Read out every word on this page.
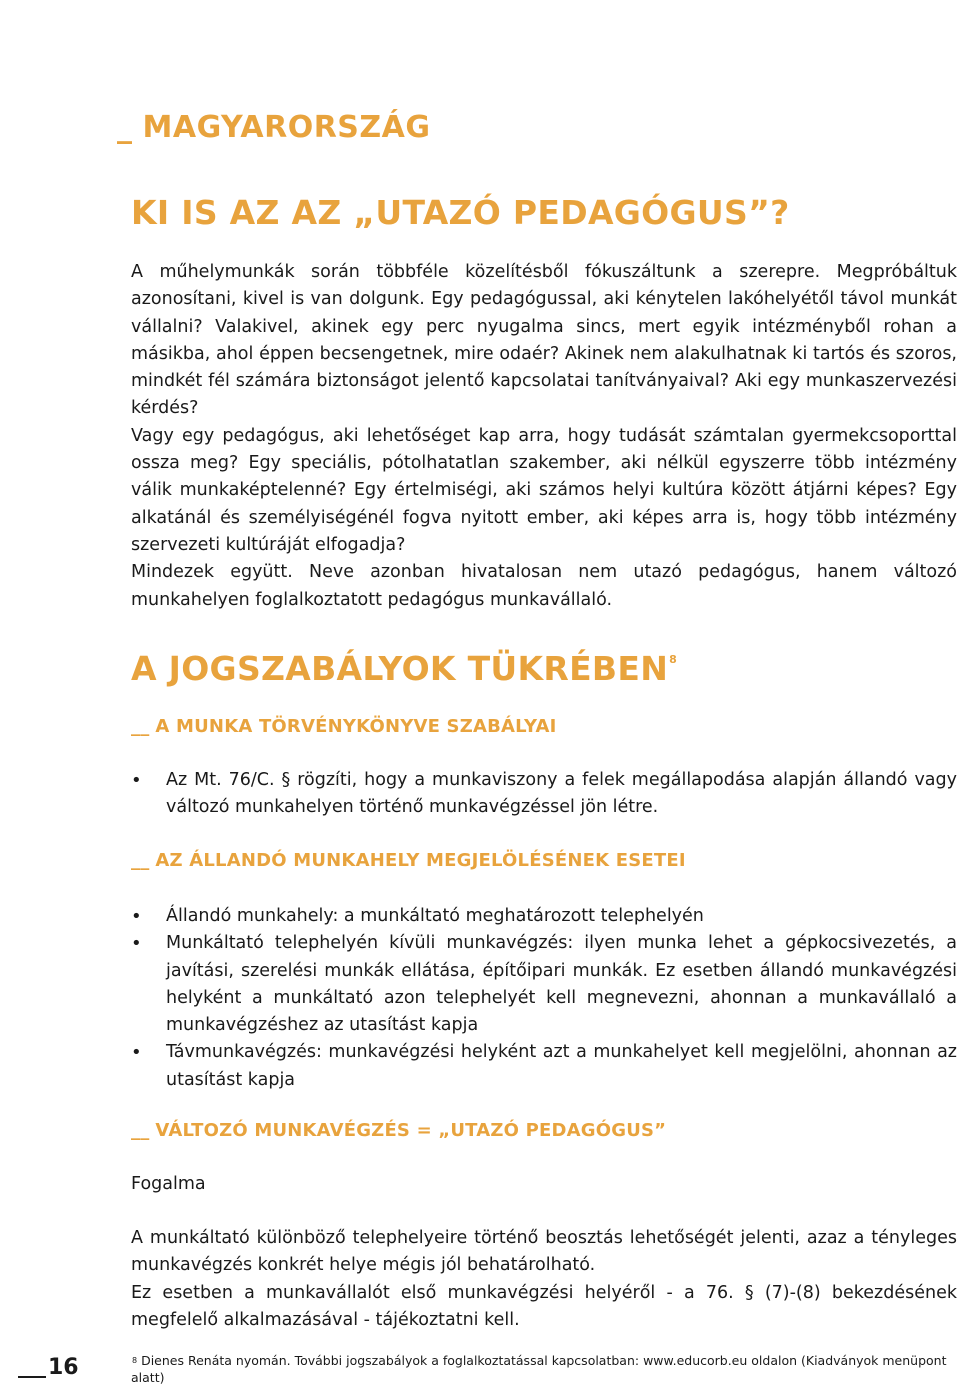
_ MAGYARORSZÁG
KI IS AZ AZ „UTAZÓ PEDAGÓGUS”?

A műhelymunkák során többféle közelítésből fókuszáltunk a szerepre. Megpróbáltuk azonosítani, kivel is van dolgunk. Egy pedagógussal, aki kénytelen lakóhelyétől távol munkát vállalni? Valakivel, akinek egy perc nyugalma sincs, mert egyik intézményből rohan a másikba, ahol éppen becsengetnek, mire odaér? Akinek nem alakulhatnak ki tartós és szoros, mindkét fél számára biztonságot jelentő kapcsolatai tanítványaival? Aki egy munkaszervezési kérdés?

Vagy egy pedagógus, aki lehetőséget kap arra, hogy tudását számtalan gyermekcsoporttal ossza meg? Egy speciális, pótolhatatlan szakember, aki nélkül egyszerre több intézmény válik munkaképtelenné? Egy értelmiségi, aki számos helyi kultúra között átjárni képes? Egy alkatánál és személyiségénél fogva nyitott ember, aki képes arra is, hogy több intézmény szervezeti kultúráját elfogadja?

Mindezek együtt. Neve azonban hivatalosan nem utazó pedagógus, hanem változó munkahelyen foglalkoztatott pedagógus munkavállaló.

A JOGSZABÁLYOK TÜKRÉBEN$^8$
__ A MUNKA TÖRVÉNYKÖNYVE SZABÁLYAI
• Az Mt. 76/C. § rögzíti, hogy a munkaviszony a felek megállapodása alapján állandó vagy változó munkahelyen történő munkavégzéssel jön létre.
__ AZ ÁLLANDÓ MUNKAHELY MEGJELÖLÉSÉNEK ESETEI
• Állandó munkahely: a munkáltató meghatározott telephelyén
• Munkáltató telephelyén kívüli munkavégzés: ilyen munka lehet a gépkocsivezetés, a javítási, szerelési munkák ellátása, építőipari munkák. Ez esetben állandó munkavégzési helyként a munkáltató azon telephelyét kell megnevezni, ahonnan a munkavállaló a munkavégzéshez az utasítást kapja
• Távmunkavégzés: munkavégzési helyként azt a munkahelyet kell megjelölni, ahonnan az utasítást kapja
__ VÁLTOZÓ MUNKAVÉGZÉS = „UTAZÓ PEDAGÓGUS”

Fogalma

A munkáltató különböző telephelyeire történő beosztás lehetőségét jelenti, azaz a tényleges munkavégzés konkrét helye mégis jól behatárolható.

Ez esetben a munkavállalót első munkavégzési helyéről - a 76. § (7)-(8) bekezdésének megfelelő alkalmazásával - tájékoztatni kell.

16	$^8$ Dienes Renáta nyomán. További jogszabályok a foglalkoztatással kapcsolatban: www.educorb.eu oldalon (Kiadványok menüpont alatt)
